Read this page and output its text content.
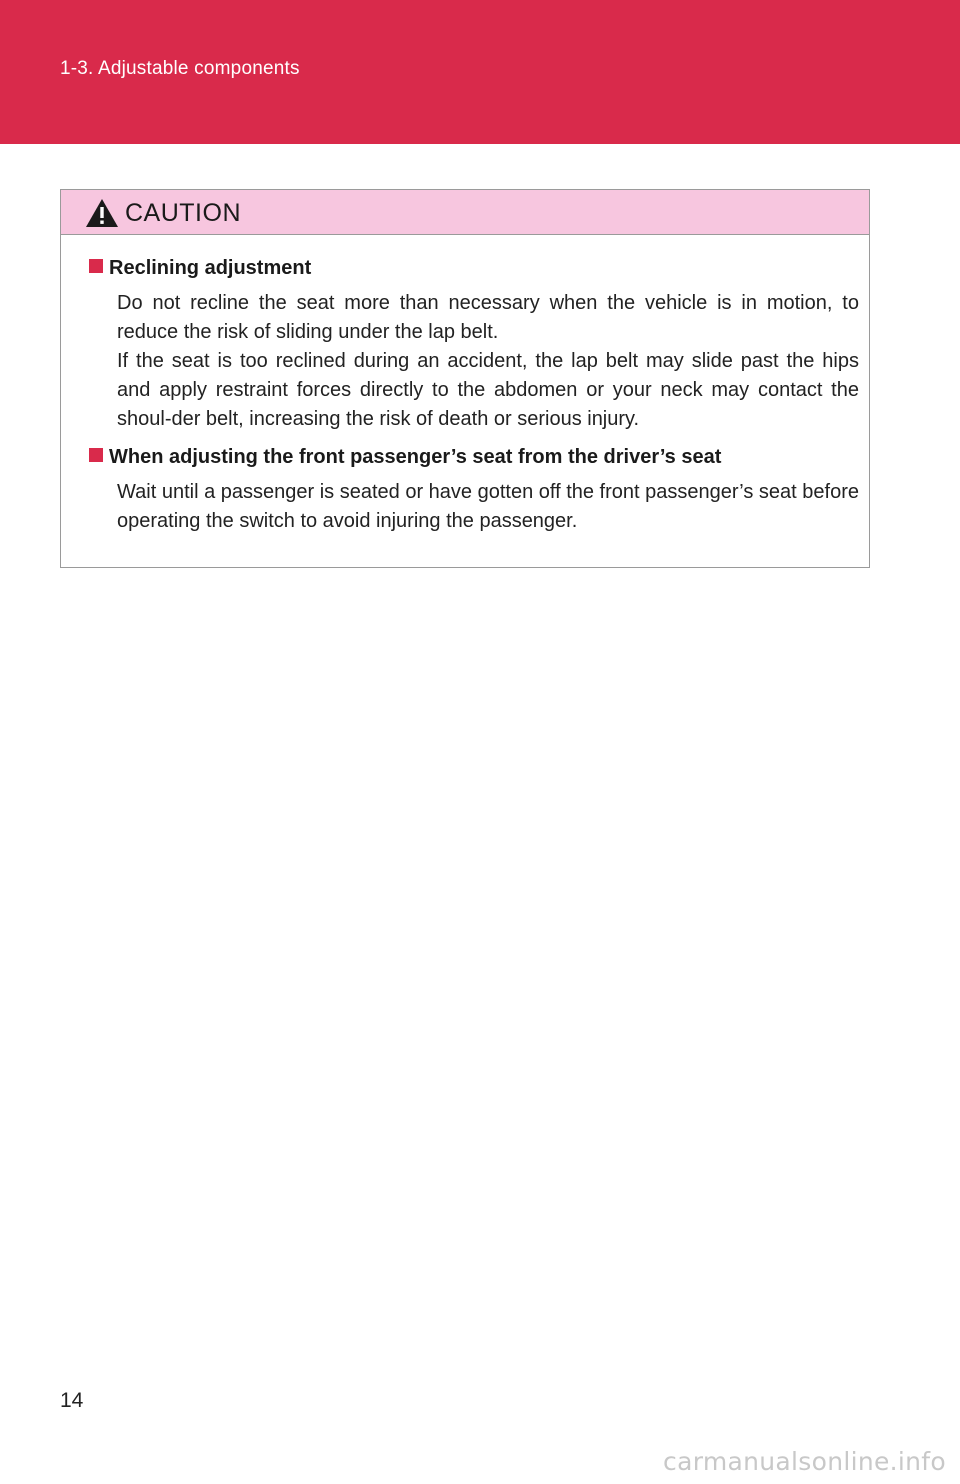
1-3. Adjustable components
CAUTION
Reclining adjustment

Do not recline the seat more than necessary when the vehicle is in motion, to reduce the risk of sliding under the lap belt.

If the seat is too reclined during an accident, the lap belt may slide past the hips and apply restraint forces directly to the abdomen or your neck may contact the shoul-der belt, increasing the risk of death or serious injury.

When adjusting the front passenger’s seat from the driver’s seat

Wait until a passenger is seated or have gotten off the front passenger’s seat before operating the switch to avoid injuring the passenger.

14
carmanualsonline.info
